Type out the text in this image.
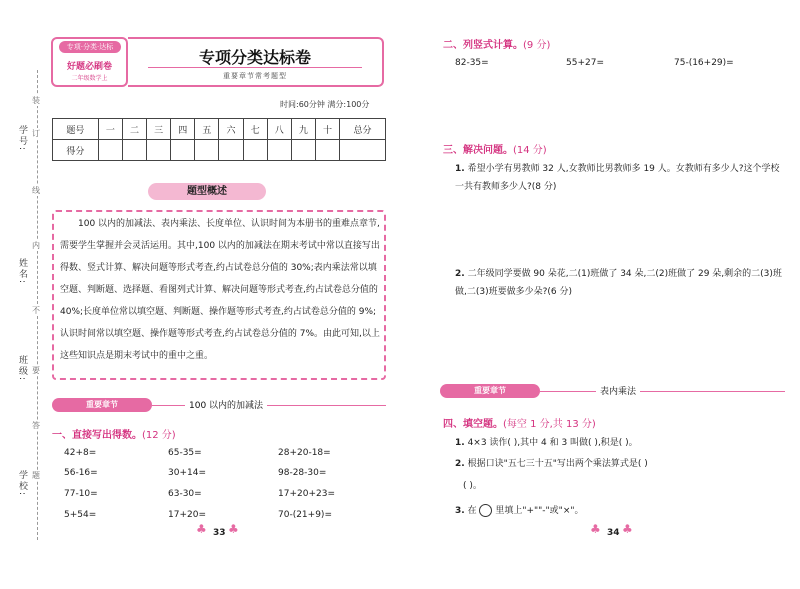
装
订
线
内
不
要
答
题
学号:
姓名:
班级:
学校:
专项·分类·达标
好题必刷卷
二年级数学上
专项分类达标卷
重要章节常考题型
时间:60分钟 满分:100分
题号	一	二	三	四	五	六	七	八	九	十	总分
得分											
题型概述
100 以内的加减法、表内乘法、长度单位、认识时间为本册书的重难点章节,需要学生掌握并会灵活运用。其中,100 以内的加减法在期末考试中常以直接写出得数、竖式计算、解决问题等形式考查,约占试卷总分值的 30%;表内乘法常以填空题、判断题、选择题、看图列式计算、解决问题等形式考查,约占试卷总分值的 40%;长度单位常以填空题、判断题、操作题等形式考查,约占试卷总分值的 9%;认识时间常以填空题、操作题等形式考查,约占试卷总分值的 7%。由此可知,以上这些知识点是期末考试中的重中之重。
重要章节	100 以内的加减法
一、直接写出得数。(12 分)
42+8=	65-35=	28+20-18=
56-16=	30+14=	98-28-30=
77-10=	63-30=	17+20+23=
5+54=	17+20=	70-(21+9)=
♣ 33 ♣
二、列竖式计算。(9 分)
82-35=	55+27=	75-(16+29)=
三、解决问题。(14 分)
1. 希望小学有男教师 32 人,女教师比男教师多 19 人。女教师有多少人?这个学校一共有教师多少人?(8 分)
2. 二年级同学要做 90 朵花,二(1)班做了 34 朵,二(2)班做了 29 朵,剩余的二(3)班做,二(3)班要做多少朵?(6 分)
重要章节	表内乘法
四、填空题。(每空 1 分,共 13 分)
1. 4×3 读作( ),其中 4 和 3 叫做( ),积是( )。
2. 根据口诀"五七三十五"写出两个乘法算式是( )
( )。
3. 在 里填上"+""-"或"×"。
♣ 34 ♣
